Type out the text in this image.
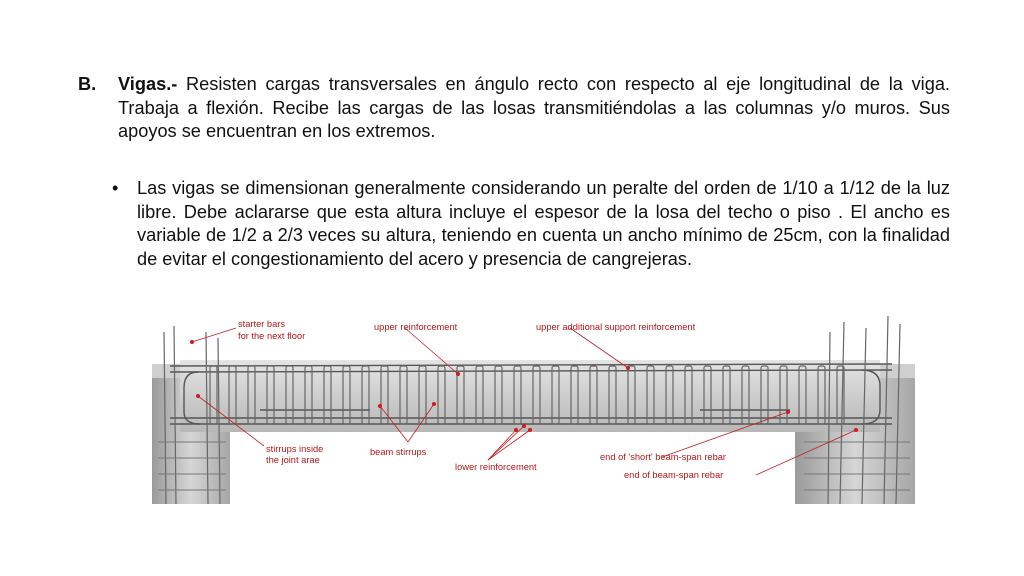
B. Vigas.- Resisten cargas transversales en ángulo recto con respecto al eje longitudinal de la viga. Trabaja a flexión. Recibe las cargas de las losas transmitiéndolas a las columnas y/o muros. Sus apoyos se encuentran en los extremos.
• Las vigas se dimensionan generalmente considerando un peralte del orden de 1/10 a 1/12 de la luz libre. Debe aclararse que esta altura incluye el espesor de la losa del techo o piso . El ancho es variable de 1/2 a 2/3 veces su altura, teniendo en cuenta un ancho mínimo de 25cm, con la finalidad de evitar el congestionamiento del acero y presencia de cangrejeras.
starter bars
for the next floor
upper reinforcement	upper additional support reinforcement
stirrups inside
the joint arae
beam stirrups
lower reinforcement
end of 'short' beam-span rebar
end of beam-span rebar
